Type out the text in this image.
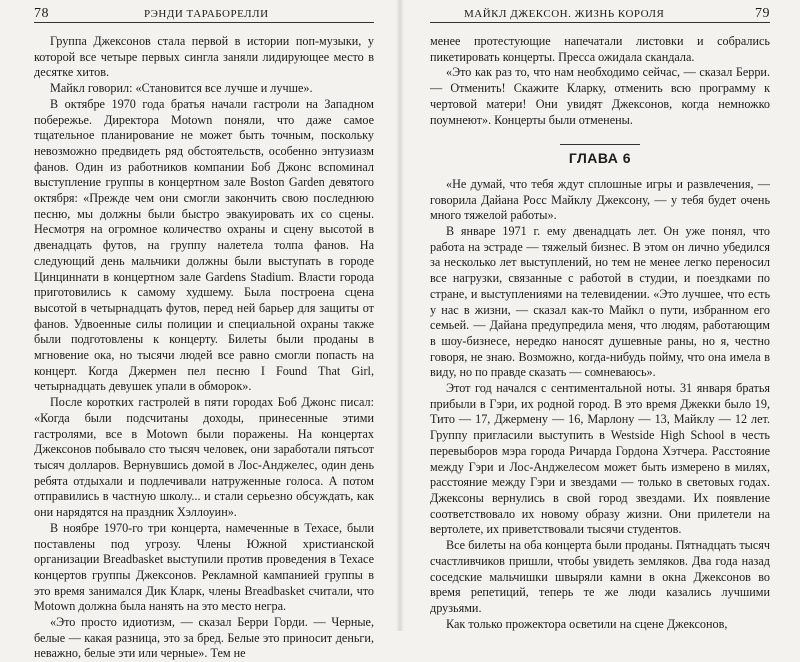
78	РЭНДИ ТАРАБОРЕЛЛИ

Группа Джексонов стала первой в истории поп-музыки, у которой все четыре первых сингла заняли лидирующее место в десятке хитов.

Майкл говорил: «Становится все лучше и лучше».

В октябре 1970 года братья начали гастроли на Западном побережье. Директора Motown поняли, что даже самое тщательное планирование не может быть точным, поскольку невозможно предвидеть ряд обстоятельств, особенно энтузиазм фанов. Один из работников компании Боб Джонс вспоминал выступление группы в концертном зале Boston Garden девятого октября: «Прежде чем они смогли закончить свою последнюю песню, мы должны были быстро эвакуировать их со сцены. Несмотря на огромное количество охраны и сцену высотой в двенадцать футов, на группу налетела толпа фанов. На следующий день мальчики должны были выступать в городе Цинциннати в концертном зале Gardens Stadium. Власти города приготовились к самому худшему. Была построена сцена высотой в четырнадцать футов, перед ней барьер для защиты от фанов. Удвоенные силы полиции и специальной охраны также были подготовлены к концерту. Билеты были проданы в мгновение ока, но тысячи людей все равно смогли попасть на концерт. Когда Джермен пел песню I Found That Girl, четырнадцать девушек упали в обморок».

После коротких гастролей в пяти городах Боб Джонс писал: «Когда были подсчитаны доходы, принесенные этими гастролями, все в Motown были поражены. На концертах Джексонов побывало сто тысяч человек, они заработали пятьсот тысяч долларов. Вернувшись домой в Лос-Анджелес, один день ребята отдыхали и подлечивали натруженные голоса. А потом отправились в частную школу... и стали серьезно обсуждать, как они нарядятся на праздник Хэллоуин».

В ноябре 1970-го три концерта, намеченные в Техасе, были поставлены под угрозу. Члены Южной христианской организации Breadbasket выступили против проведения в Техасе концертов группы Джексонов. Рекламной кампанией группы в это время занимался Дик Кларк, члены Breadbasket считали, что Motown должна была нанять на это место негра.

«Это просто идиотизм, — сказал Берри Горди. — Черные, белые — какая разница, это за бред. Белые это приносит деньги, неважно, белые эти или черные». Тем не

МАЙКЛ ДЖЕКСОН. ЖИЗНЬ КОРОЛЯ	79

менее протестующие напечатали листовки и собрались пикетировать концерты. Пресса ожидала скандала.

«Это как раз то, что нам необходимо сейчас, — сказал Берри. — Отменить! Скажите Кларку, отменить всю программу к чертовой матери! Они увидят Джексонов, когда немножко поумнеют». Концерты были отменены.

ГЛАВА 6

«Не думай, что тебя ждут сплошные игры и развлечения, — говорила Дайана Росс Майклу Джексону, — у тебя будет очень много тяжелой работы».

В январе 1971 г. ему двенадцать лет. Он уже понял, что работа на эстраде — тяжелый бизнес. В этом он лично убедился за несколько лет выступлений, но тем не менее легко переносил все нагрузки, связанные с работой в студии, и поездками по стране, и выступлениями на телевидении. «Это лучшее, что есть у нас в жизни, — сказал как-то Майкл о пути, избранном его семьей. — Дайана предупредила меня, что людям, работающим в шоу-бизнесе, нередко наносят душевные раны, но я, честно говоря, не знаю. Возможно, когда-нибудь пойму, что она имела в виду, но по правде сказать — сомневаюсь».

Этот год начался с сентиментальной ноты. 31 января братья прибыли в Гэри, их родной город. В это время Джекки было 19, Тито — 17, Джермену — 16, Марлону — 13, Майклу — 12 лет. Группу пригласили выступить в Westside High School в честь перевыборов мэра города Ричарда Гордона Хэтчера. Расстояние между Гэри и Лос-Анджелесом может быть измерено в милях, расстояние между Гэри и звездами — только в световых годах. Джексоны вернулись в свой город звездами. Их появление соответствовало их новому образу жизни. Они прилетели на вертолете, их приветствовали тысячи студентов.

Все билеты на оба концерта были проданы. Пятнадцать тысяч счастливчиков пришли, чтобы увидеть земляков. Два года назад соседские мальчишки швыряли камни в окна Джексонов во время репетиций, теперь те же люди казались лучшими друзьями.

Как только прожектора осветили на сцене Джексонов,
